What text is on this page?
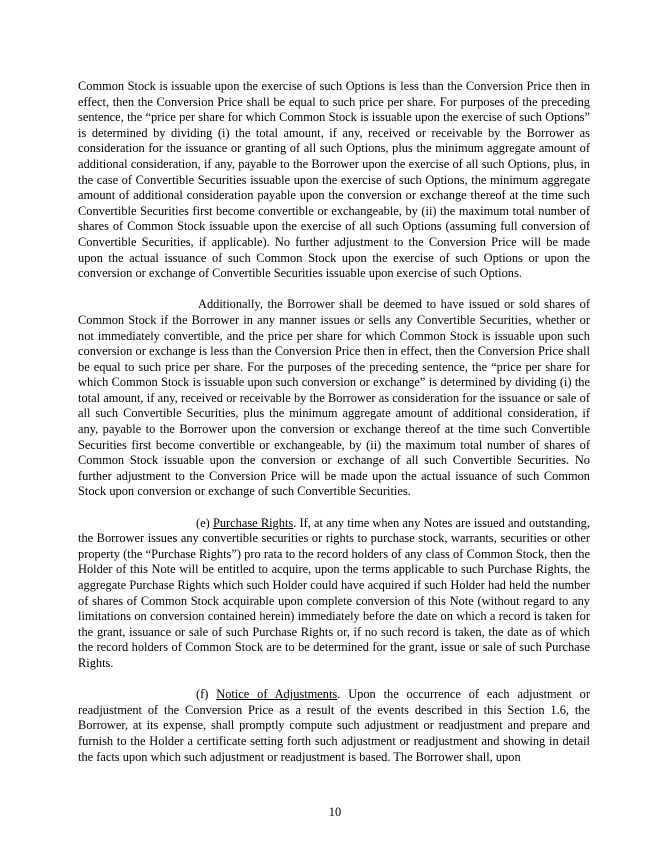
Common Stock is issuable upon the exercise of such Options is less than the Conversion Price then in effect, then the Conversion Price shall be equal to such price per share. For purposes of the preceding sentence, the “price per share for which Common Stock is issuable upon the exercise of such Options” is determined by dividing (i) the total amount, if any, received or receivable by the Borrower as consideration for the issuance or granting of all such Options, plus the minimum aggregate amount of additional consideration, if any, payable to the Borrower upon the exercise of all such Options, plus, in the case of Convertible Securities issuable upon the exercise of such Options, the minimum aggregate amount of additional consideration payable upon the conversion or exchange thereof at the time such Convertible Securities first become convertible or exchangeable, by (ii) the maximum total number of shares of Common Stock issuable upon the exercise of all such Options (assuming full conversion of Convertible Securities, if applicable). No further adjustment to the Conversion Price will be made upon the actual issuance of such Common Stock upon the exercise of such Options or upon the conversion or exchange of Convertible Securities issuable upon exercise of such Options.

Additionally, the Borrower shall be deemed to have issued or sold shares of Common Stock if the Borrower in any manner issues or sells any Convertible Securities, whether or not immediately convertible, and the price per share for which Common Stock is issuable upon such conversion or exchange is less than the Conversion Price then in effect, then the Conversion Price shall be equal to such price per share. For the purposes of the preceding sentence, the “price per share for which Common Stock is issuable upon such conversion or exchange” is determined by dividing (i) the total amount, if any, received or receivable by the Borrower as consideration for the issuance or sale of all such Convertible Securities, plus the minimum aggregate amount of additional consideration, if any, payable to the Borrower upon the conversion or exchange thereof at the time such Convertible Securities first become convertible or exchangeable, by (ii) the maximum total number of shares of Common Stock issuable upon the conversion or exchange of all such Convertible Securities. No further adjustment to the Conversion Price will be made upon the actual issuance of such Common Stock upon conversion or exchange of such Convertible Securities.

(e) Purchase Rights. If, at any time when any Notes are issued and outstanding, the Borrower issues any convertible securities or rights to purchase stock, warrants, securities or other property (the “Purchase Rights”) pro rata to the record holders of any class of Common Stock, then the Holder of this Note will be entitled to acquire, upon the terms applicable to such Purchase Rights, the aggregate Purchase Rights which such Holder could have acquired if such Holder had held the number of shares of Common Stock acquirable upon complete conversion of this Note (without regard to any limitations on conversion contained herein) immediately before the date on which a record is taken for the grant, issuance or sale of such Purchase Rights or, if no such record is taken, the date as of which the record holders of Common Stock are to be determined for the grant, issue or sale of such Purchase Rights.

(f) Notice of Adjustments. Upon the occurrence of each adjustment or readjustment of the Conversion Price as a result of the events described in this Section 1.6, the Borrower, at its expense, shall promptly compute such adjustment or readjustment and prepare and furnish to the Holder a certificate setting forth such adjustment or readjustment and showing in detail the facts upon which such adjustment or readjustment is based. The Borrower shall, upon

10
